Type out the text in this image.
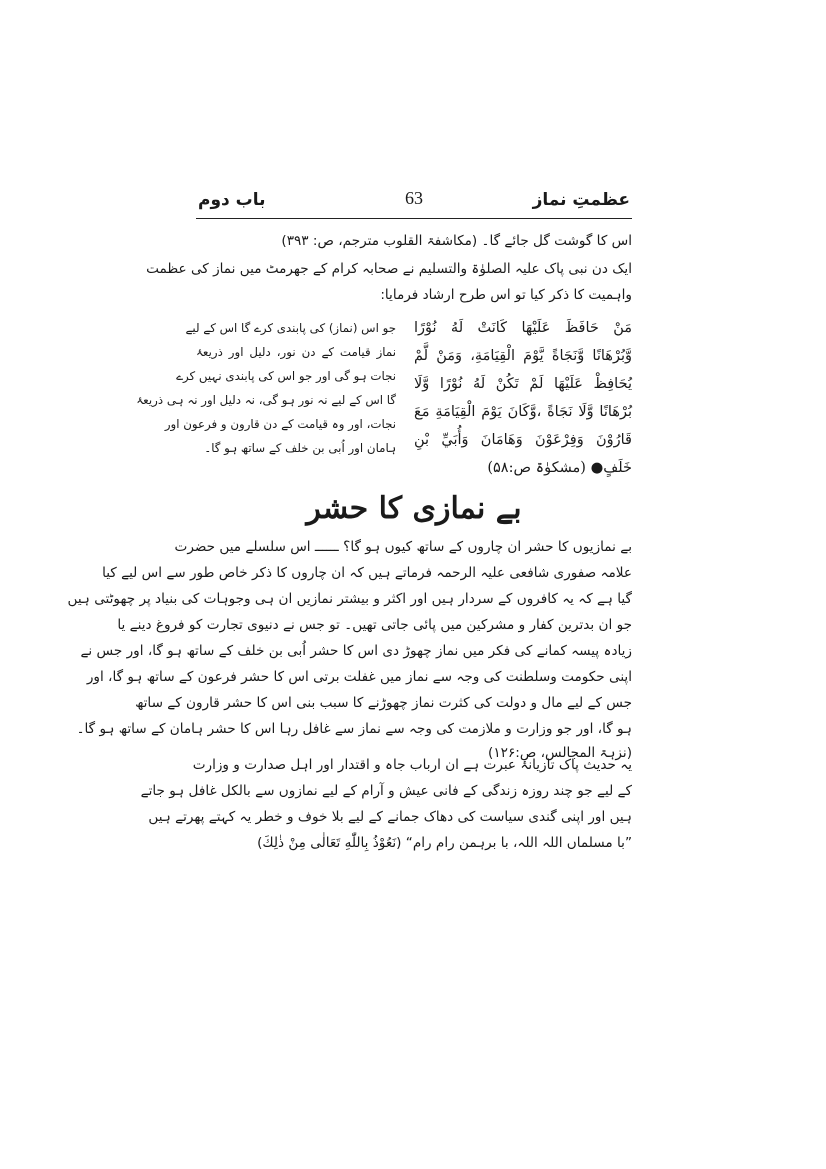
عظمتِ نماز
63
باب دوم
اس کا گوشت گل جائے گا۔ (مکاشفۃ القلوب مترجم، ص: ۳۹۳)
ایک دن نبی پاک علیہ الصلوٰۃ والتسلیم نے صحابہ کرام کے جھرمٹ میں نماز کی عظمت
واہمیت کا ذکر کیا تو اس طرح ارشاد فرمایا:
مَنْ حَافَظَ عَلَيْهَا كَانَتْ لَهُ نُوْرًا
وَّبُرْهَانًا وَّنَجَاةً يَّوْمَ الْقِيَامَةِ، وَمَنْ لَّمْ
يُحَافِظْ عَلَيْهَا لَمْ تَكُنْ لَهُ نُوْرًا وَّلَا
بُرْهَانًا وَّلَا نَجَاةً ،وَّكَانَ يَوْمَ الْقِيَامَةِ مَعَ
قَارُوْنَ وَفِرْعَوْنَ وَهَامَانَ وَأُبَيِّ بْنِ
خَلَفٍ● (مشکوٰۃ ص:۵۸)
جو اس (نماز) کی پابندی کرے گا اس کے لیے
نماز قیامت کے دن نور، دلیل اور ذریعۂ
نجات ہو گی اور جو اس کی پابندی نہیں کرے
گا اس کے لیے نہ نور ہو گی، نہ دلیل اور نہ ہی ذریعۂ
نجات، اور وہ قیامت کے دن قارون و فرعون اور
ہامان اور اُبی بن خلف کے ساتھ ہو گا۔
بے نمازی کا حشر
بے نمازیوں کا حشر ان چاروں کے ساتھ کیوں ہو گا؟ ــــــ اس سلسلے میں حضرت
علامہ صفوری شافعی علیہ الرحمہ فرماتے ہیں کہ ان چاروں کا ذکر خاص طور سے اس لیے کیا
گیا ہے کہ یہ کافروں کے سردار ہیں اور اکثر و بیشتر نمازیں ان ہی وجوہات کی بنیاد پر چھوٹتی ہیں
جو ان بدترین کفار و مشرکین میں پائی جاتی تھیں۔ تو جس نے دنیوی تجارت کو فروغ دینے یا
زیادہ پیسہ کمانے کی فکر میں نماز چھوڑ دی اس کا حشر اُبی بن خلف کے ساتھ ہو گا، اور جس نے
اپنی حکومت وسلطنت کی وجہ سے نماز میں غفلت برتی اس کا حشر فرعون کے ساتھ ہو گا، اور
جس کے لیے مال و دولت کی کثرت نماز چھوڑنے کا سبب بنی اس کا حشر قارون کے ساتھ
ہو گا، اور جو وزارت و ملازمت کی وجہ سے نماز سے غافل رہا اس کا حشر ہامان کے ساتھ ہو گا۔
(نزہۃ المجالس، ص:۱۲۶)
یہ حدیث پاک تازیانۂ عبرت ہے ان ارباب جاہ و اقتدار اور اہل صدارت و وزارت
کے لیے جو چند روزہ زندگی کے فانی عیش و آرام کے لیے نمازوں سے بالکل غافل ہو جاتے
ہیں اور اپنی گندی سیاست کی دھاک جمانے کے لیے بلا خوف و خطر یہ کہتے پھرتے ہیں
”با مسلماں اللہ اللہ، با برہمن رام رام“ (نَعُوْذُ بِاللّٰهِ تَعَالٰى مِنْ ذٰلِكَ)
